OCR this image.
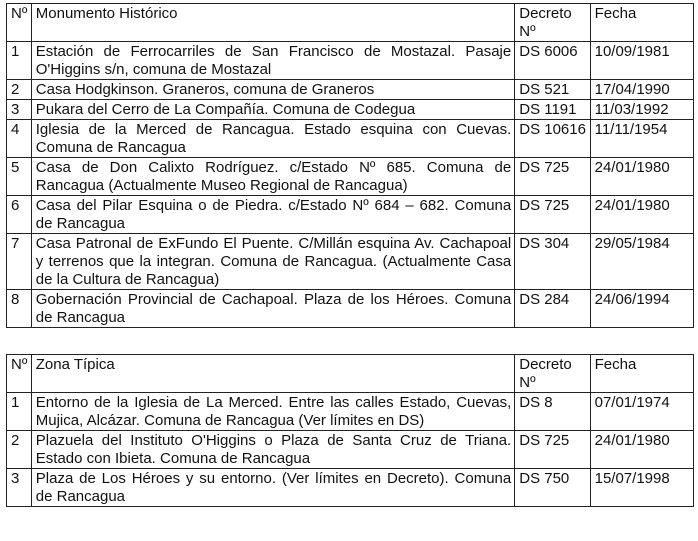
Nº	Monumento Histórico	Decreto Nº	Fecha
1	Estación de Ferrocarriles de San Francisco de Mostazal. Pasaje O'Higgins s/n, comuna de Mostazal	DS 6006	10/09/1981
2	Casa Hodgkinson. Graneros, comuna de Graneros	DS 521	17/04/1990
3	Pukara del Cerro de La Compañía. Comuna de Codegua	DS 1191	11/03/1992
4	Iglesia de la Merced de Rancagua. Estado esquina con Cuevas. Comuna de Rancagua	DS 10616	11/11/1954
5	Casa de Don Calixto Rodríguez. c/Estado Nº 685. Comuna de Rancagua (Actualmente Museo Regional de Rancagua)	DS 725	24/01/1980
6	Casa del Pilar Esquina o de Piedra. c/Estado Nº 684 – 682. Comuna de Rancagua	DS 725	24/01/1980
7	Casa Patronal de ExFundo El Puente. C/Millán esquina Av. Cachapoal y terrenos que la integran. Comuna de Rancagua. (Actualmente Casa de la Cultura de Rancagua)	DS 304	29/05/1984
8	Gobernación Provincial de Cachapoal. Plaza de los Héroes. Comuna de Rancagua	DS 284	24/06/1994
Nº	Zona Típica	Decreto Nº	Fecha
1	Entorno de la Iglesia de La Merced. Entre las calles Estado, Cuevas, Mujica, Alcázar. Comuna de Rancagua (Ver límites en DS)	DS 8	07/01/1974
2	Plazuela del Instituto O'Higgins o Plaza de Santa Cruz de Triana. Estado con Ibieta. Comuna de Rancagua	DS 725	24/01/1980
3	Plaza de Los Héroes y su entorno. (Ver límites en Decreto). Comuna de Rancagua	DS 750	15/07/1998
